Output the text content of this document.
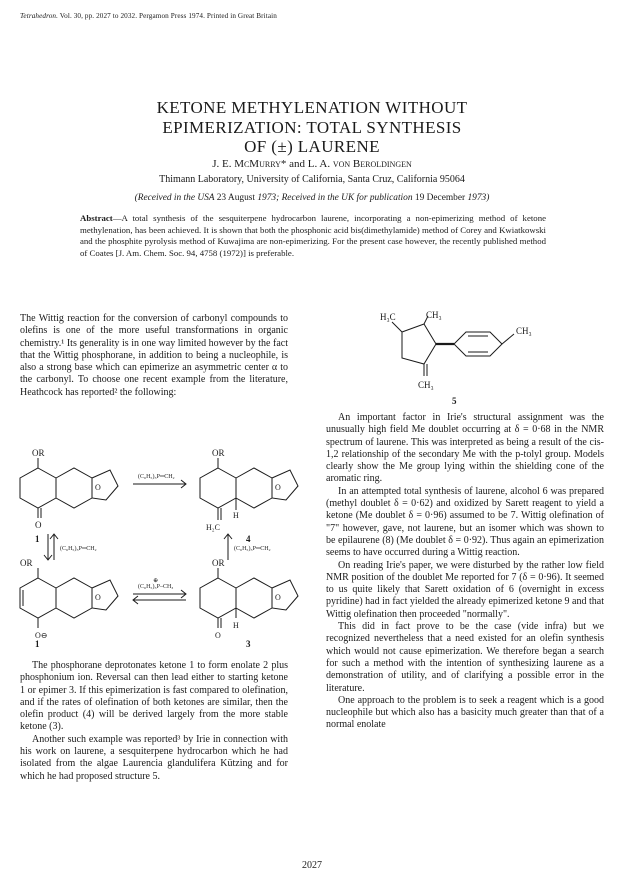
Tetrahedron. Vol. 30, pp. 2027 to 2032. Pergamon Press 1974. Printed in Great Britain
KETONE METHYLENATION WITHOUT
EPIMERIZATION: TOTAL SYNTHESIS
OF (±) LAURENE
J. E. McMurry* and L. A. von Beroldingen
Thimann Laboratory, University of California, Santa Cruz, California 95064
(Received in the USA 23 August 1973; Received in the UK for publication 19 December 1973)
Abstract—A total synthesis of the sesquiterpene hydrocarbon laurene, incorporating a non-epimerizing method of ketone methylenation, has been achieved. It is shown that both the phosphonic acid bis(dimethylamide) method of Corey and Kwiatkowski and the phosphite pyrolysis method of Kuwajima are non-epimerizing. For the present case however, the recently published method of Coates [J. Am. Chem. Soc. 94, 4758 (1972)] is preferable.

The Wittig reaction for the conversion of carbonyl compounds to olefins is one of the more useful transformations in organic chemistry.¹ Its generality is in one way limited however by the fact that the Wittig phosphorane, in addition to being a nucleophile, is also a strong base which can epimerize an asymmetric center α to the carbonyl. To choose one recent example from the literature, Heathcock has reported² the following:

OR
O
O
1
(C₆H₅)₃P═CH₂
OR
O
H
H₂C
4
(C₆H₅)₃P═CH₂	(C₆H₅)₃P═CH₂
OR
O
O⊖
⊕
(C₆H₅)₃P–CH₃
OR
O
O
H
1	3

The phosphorane deprotonates ketone 1 to form enolate 2 plus phosphonium ion. Reversal can then lead either to starting ketone 1 or epimer 3. If this epimerization is fast compared to olefination, and if the rates of olefination of both ketones are similar, then the olefin product (4) will be derived largely from the more stable ketone (3).

Another such example was reported³ by Irie in connection with his work on laurene, a sesquiterpene hydrocarbon which he had isolated from the algae Laurencia glandulifera Kützing and for which he had proposed structure 5.

H₃C	CH₃
CH₃
CH₃
5

An important factor in Irie's structural assignment was the unusually high field Me doublet occurring at δ = 0·68 in the NMR spectrum of laurene. This was interpreted as being a result of the cis-1,2 relationship of the secondary Me with the p-tolyl group. Models clearly show the Me group lying within the shielding cone of the aromatic ring.

In an attempted total synthesis of laurene, alcohol 6 was prepared (methyl doublet δ = 0·62) and oxidized by Sarett reagent to yield a ketone (Me doublet δ = 0·96) assumed to be 7. Wittig olefination of "7" however, gave, not laurene, but an isomer which was shown to be epilaurene (8) (Me doublet δ = 0·92). Thus again an epimerization seems to have occurred during a Wittig reaction.

On reading Irie's paper, we were disturbed by the rather low field NMR position of the doublet Me reported for 7 (δ = 0·96). It seemed to us quite likely that Sarett oxidation of 6 (overnight in excess pyridine) had in fact yielded the already epimerized ketone 9 and that Wittig olefination then proceeded "normally".

This did in fact prove to be the case (vide infra) but we recognized nevertheless that a need existed for an olefin synthesis which would not cause epimerization. We therefore began a search for such a method with the intention of synthesizing laurene as a demonstration of utility, and of clarifying a possible error in the literature.

One approach to the problem is to seek a reagent which is a good nucleophile but which also has a basicity much greater than that of a normal enolate

2027
